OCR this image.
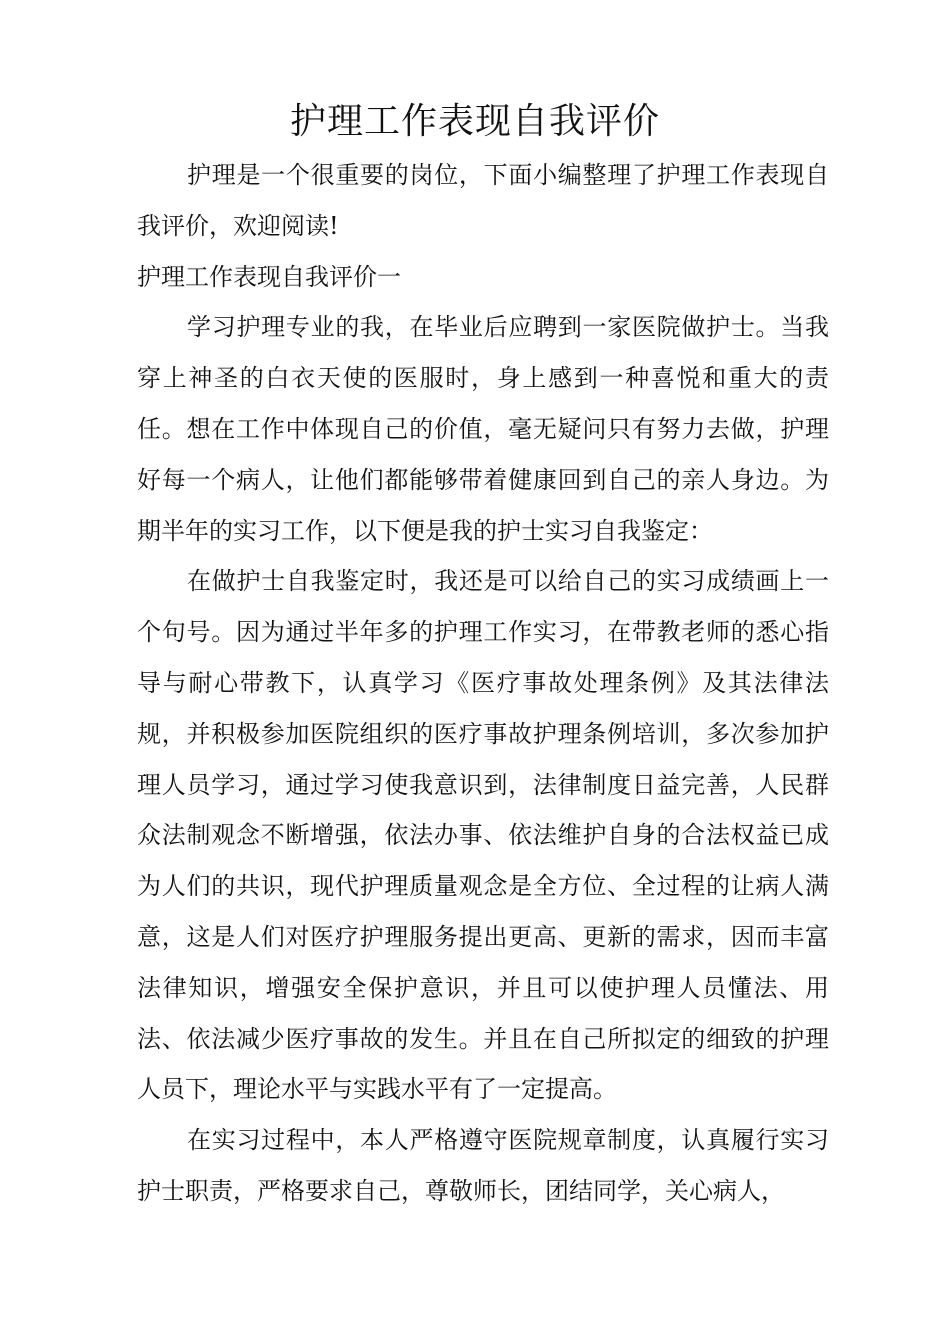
护理工作表现自我评价

护理是一个很重要的岗位，下面小编整理了护理工作表现自我评价，欢迎阅读!

护理工作表现自我评价一

学习护理专业的我，在毕业后应聘到一家医院做护士。当我穿上神圣的白衣天使的医服时，身上感到一种喜悦和重大的责任。想在工作中体现自己的价值，毫无疑问只有努力去做，护理好每一个病人，让他们都能够带着健康回到自己的亲人身边。为期半年的实习工作，以下便是我的护士实习自我鉴定：

在做护士自我鉴定时，我还是可以给自己的实习成绩画上一个句号。因为通过半年多的护理工作实习，在带教老师的悉心指导与耐心带教下，认真学习《医疗事故处理条例》及其法律法规，并积极参加医院组织的医疗事故护理条例培训，多次参加护理人员学习，通过学习使我意识到，法律制度日益完善，人民群众法制观念不断增强，依法办事、依法维护自身的合法权益已成为人们的共识，现代护理质量观念是全方位、全过程的让病人满意，这是人们对医疗护理服务提出更高、更新的需求，因而丰富法律知识，增强安全保护意识，并且可以使护理人员懂法、用法、依法减少医疗事故的发生。并且在自己所拟定的细致的护理人员下，理论水平与实践水平有了一定提高。

在实习过程中，本人严格遵守医院规章制度，认真履行实习护士职责，严格要求自己，尊敬师长，团结同学，关心病人，
